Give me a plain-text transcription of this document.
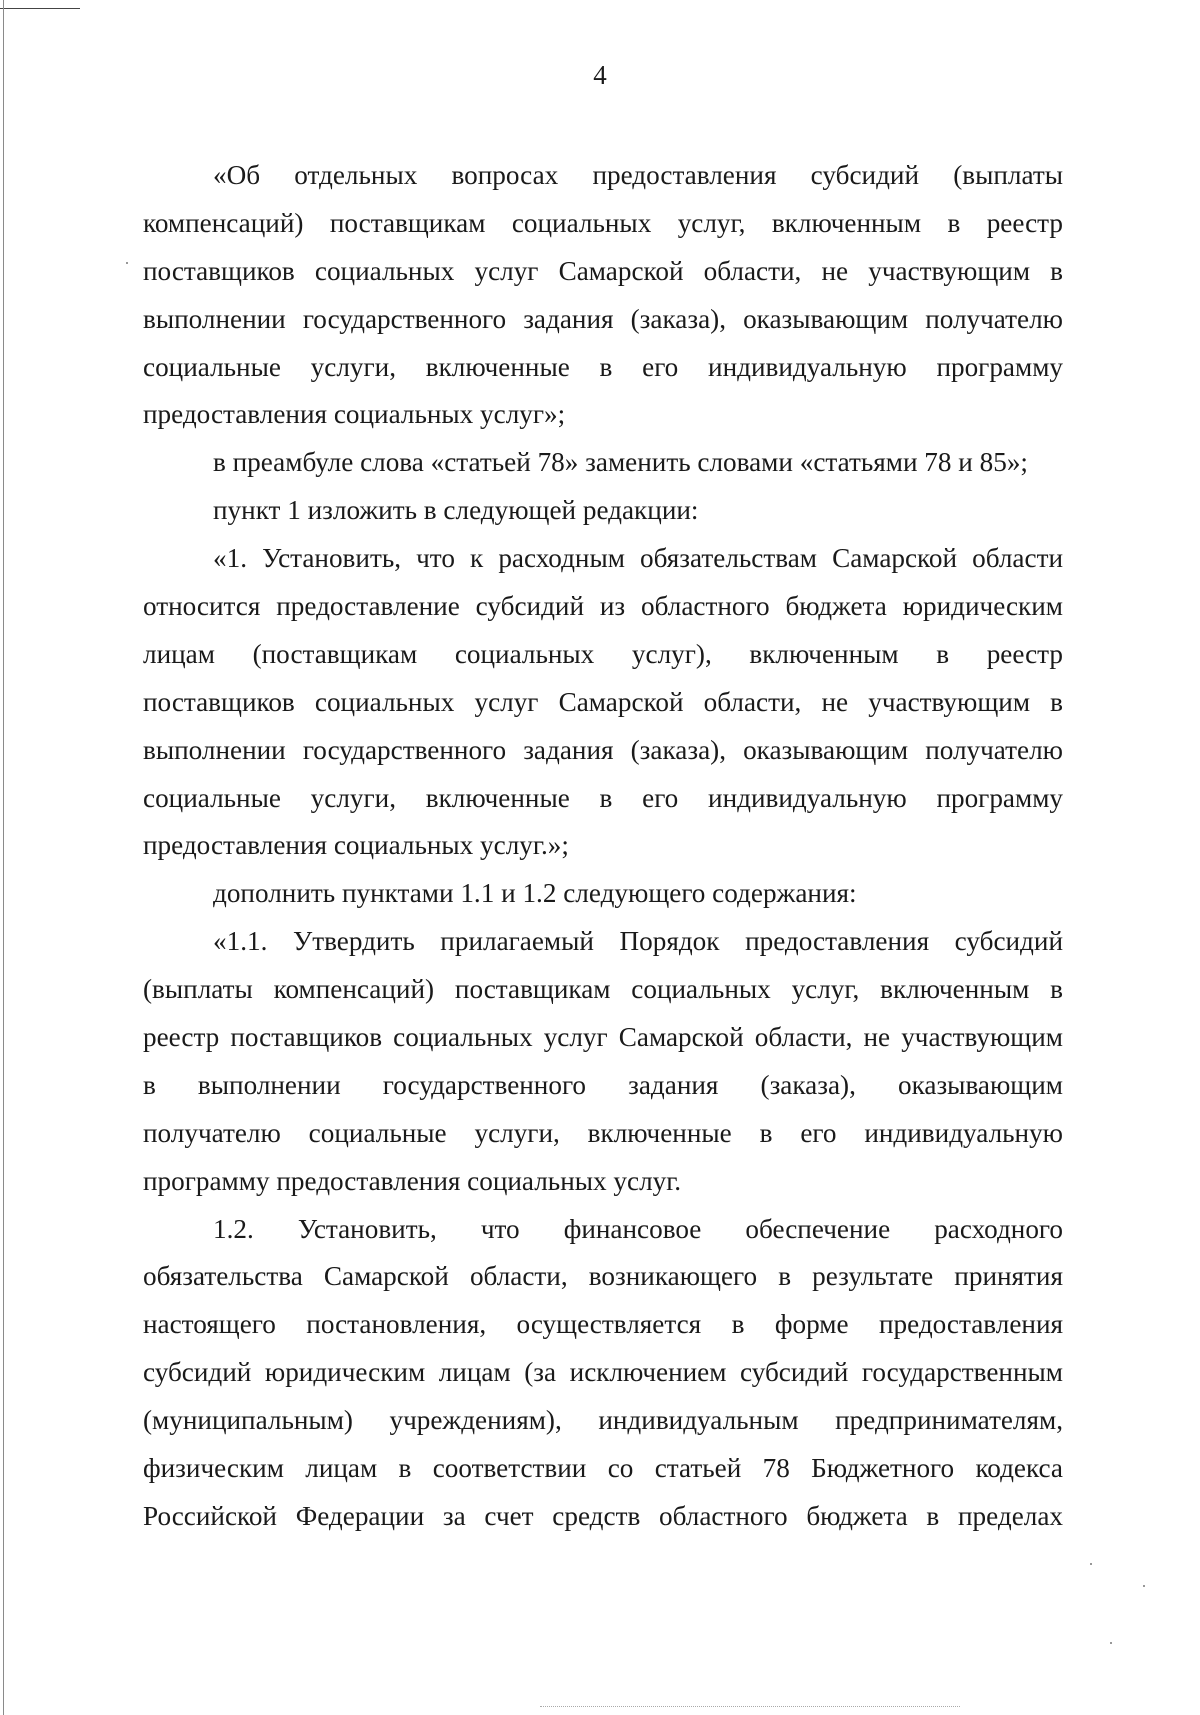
4
«Об отдельных вопросах предоставления субсидий (выплаты
компенсаций) поставщикам социальных услуг, включенным в реестр
поставщиков социальных услуг Самарской области, не участвующим в
выполнении государственного задания (заказа), оказывающим получателю
социальные услуги, включенные в его индивидуальную программу
предоставления социальных услуг»;
в преамбуле слова «статьей 78» заменить словами «статьями 78 и 85»;
пункт 1 изложить в следующей редакции:
«1. Установить, что к расходным обязательствам Самарской области
относится предоставление субсидий из областного бюджета юридическим
лицам (поставщикам социальных услуг), включенным в реестр
поставщиков социальных услуг Самарской области, не участвующим в
выполнении государственного задания (заказа), оказывающим получателю
социальные услуги, включенные в его индивидуальную программу
предоставления социальных услуг.»;
дополнить пунктами 1.1 и 1.2 следующего содержания:
«1.1. Утвердить прилагаемый Порядок предоставления субсидий
(выплаты компенсаций) поставщикам социальных услуг, включенным в
реестр поставщиков социальных услуг Самарской области, не участвующим
в выполнении государственного задания (заказа), оказывающим
получателю социальные услуги, включенные в его индивидуальную
программу предоставления социальных услуг.
1.2. Установить, что финансовое обеспечение расходного
обязательства Самарской области, возникающего в результате принятия
настоящего постановления, осуществляется в форме предоставления
субсидий юридическим лицам (за исключением субсидий государственным
(муниципальным) учреждениям), индивидуальным предпринимателям,
физическим лицам в соответствии со статьей 78 Бюджетного кодекса
Российской Федерации за счет средств областного бюджета в пределах
